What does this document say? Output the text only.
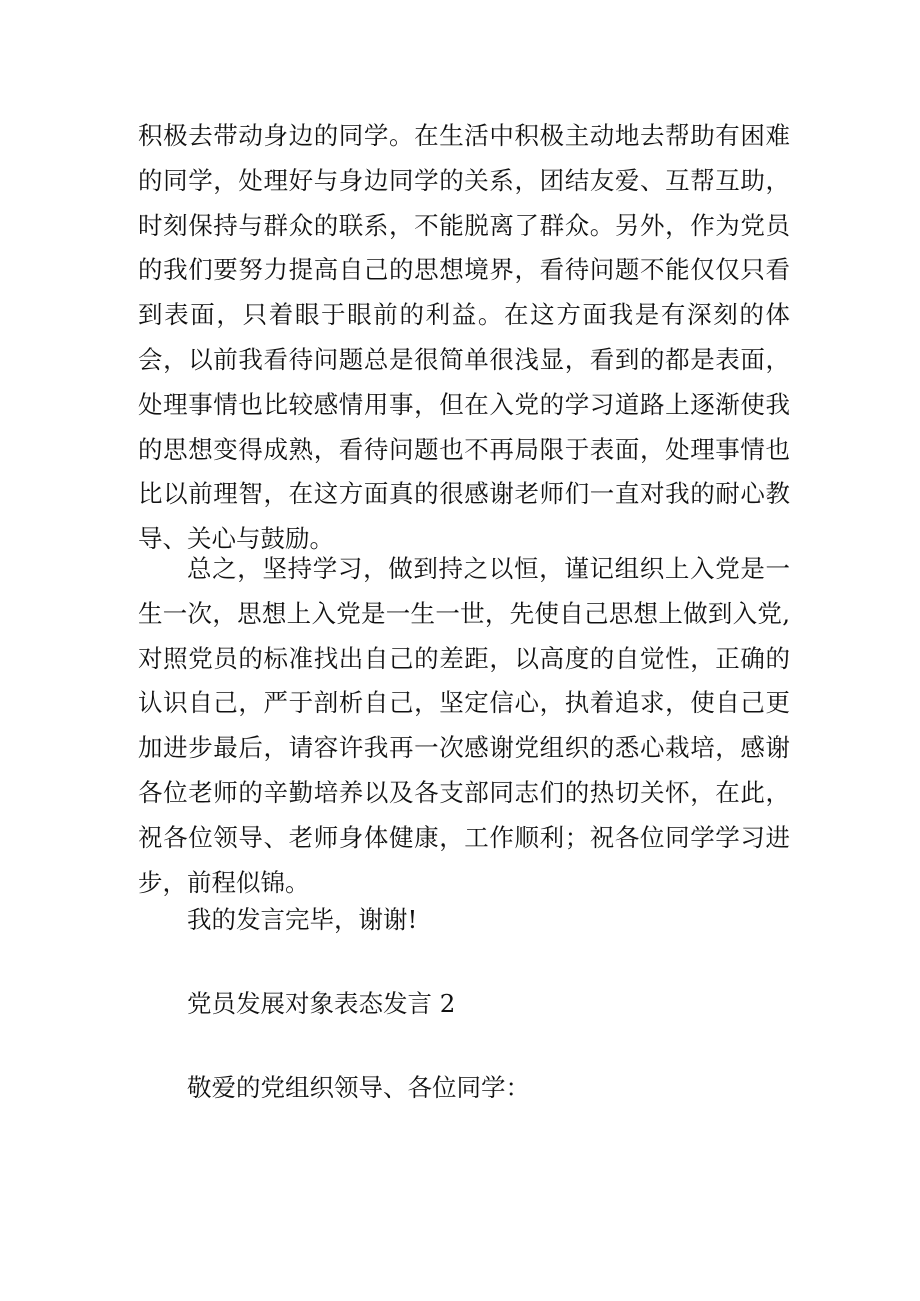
积极去带动身边的同学。在生活中积极主动地去帮助有困难的同学，处理好与身边同学的关系，团结友爱、互帮互助，时刻保持与群众的联系，不能脱离了群众。另外，作为党员的我们要努力提高自己的思想境界，看待问题不能仅仅只看到表面，只着眼于眼前的利益。在这方面我是有深刻的体会，以前我看待问题总是很简单很浅显，看到的都是表面，处理事情也比较感情用事，但在入党的学习道路上逐渐使我的思想变得成熟，看待问题也不再局限于表面，处理事情也比以前理智，在这方面真的很感谢老师们一直对我的耐心教导、关心与鼓励。

总之，坚持学习，做到持之以恒，谨记组织上入党是一生一次，思想上入党是一生一世，先使自己思想上做到入党,对照党员的标准找出自己的差距，以高度的自觉性，正确的认识自己，严于剖析自己，坚定信心，执着追求，使自己更加进步最后，请容许我再一次感谢党组织的悉心栽培，感谢各位老师的辛勤培养以及各支部同志们的热切关怀，在此，祝各位领导、老师身体健康，工作顺利；祝各位同学学习进步，前程似锦。

我的发言完毕，谢谢!

党员发展对象表态发言 2

敬爱的党组织领导、各位同学：
